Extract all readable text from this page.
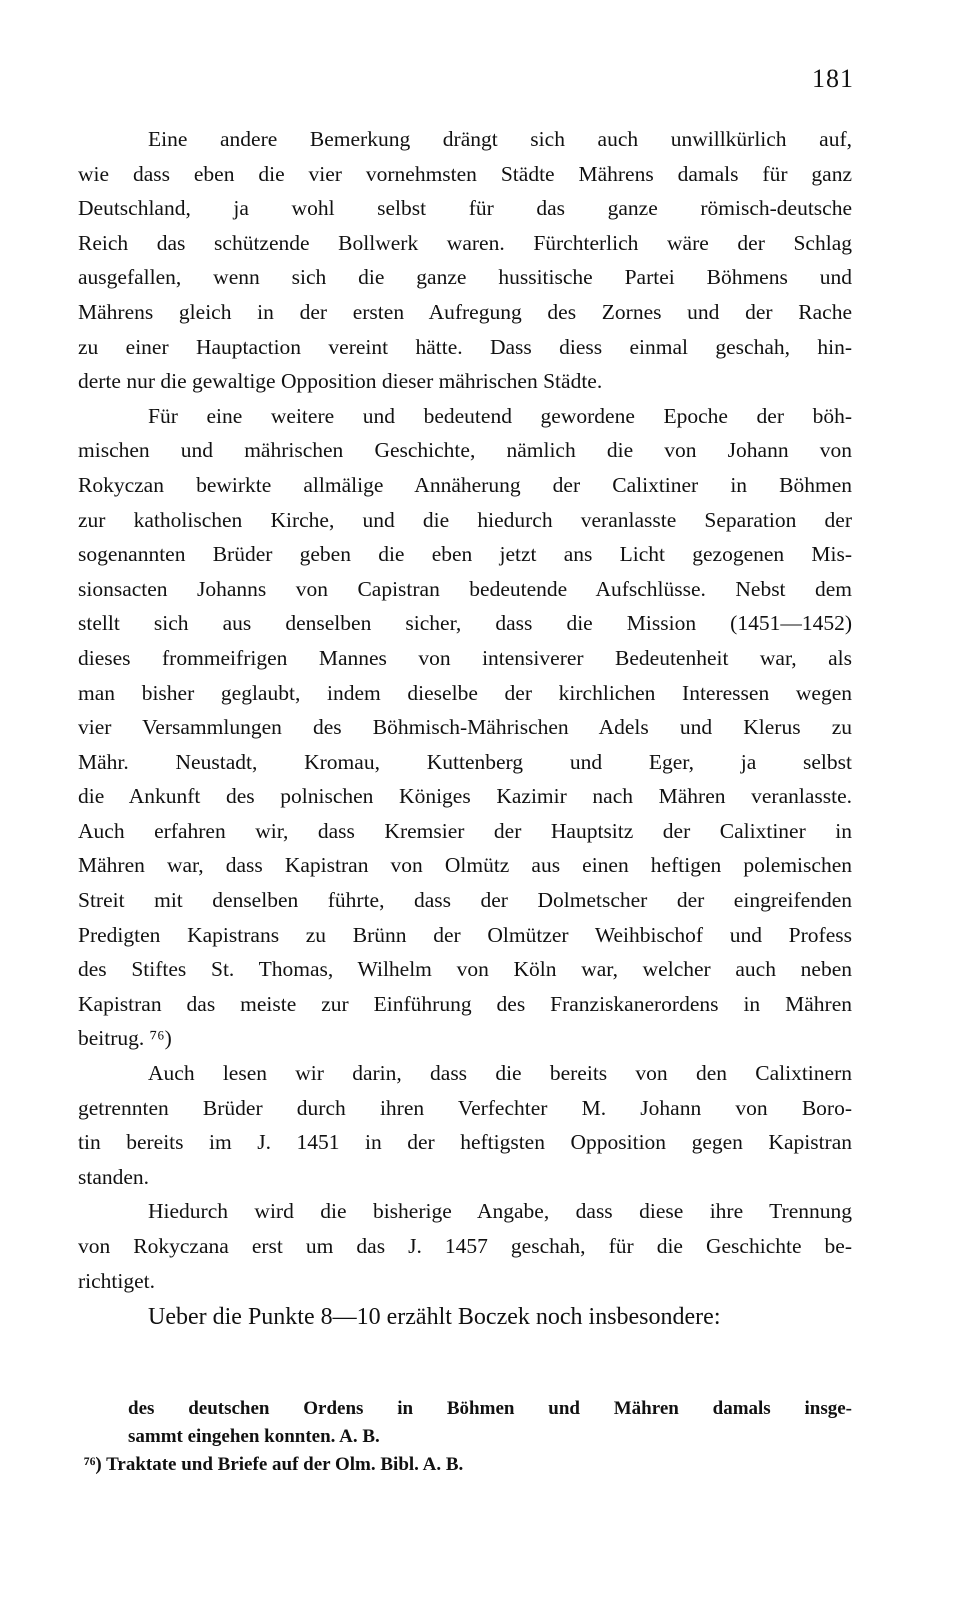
181
Eine andere Bemerkung drängt sich auch unwillkürlich auf,
wie dass eben die vier vornehmsten Städte Mährens damals für ganz
Deutschland, ja wohl selbst für das ganze römisch-deutsche
Reich das schützende Bollwerk waren. Fürchterlich wäre der Schlag
ausgefallen, wenn sich die ganze hussitische Partei Böhmens und
Mährens gleich in der ersten Aufregung des Zornes und der Rache
zu einer Hauptaction vereint hätte. Dass diess einmal geschah, hin-
derte nur die gewaltige Opposition dieser mährischen Städte.
Für eine weitere und bedeutend gewordene Epoche der böh-
mischen und mährischen Geschichte, nämlich die von Johann von
Rokyczan bewirkte allmälige Annäherung der Calixtiner in Böhmen
zur katholischen Kirche, und die hiedurch veranlasste Separation der
sogenannten Brüder geben die eben jetzt ans Licht gezogenen Mis-
sionsacten Johanns von Capistran bedeutende Aufschlüsse. Nebst dem
stellt sich aus denselben sicher, dass die Mission (1451—1452)
dieses frommeifrigen Mannes von intensiverer Bedeutenheit war, als
man bisher geglaubt, indem dieselbe der kirchlichen Interessen wegen
vier Versammlungen des Böhmisch-Mährischen Adels und Klerus zu
Mähr. Neustadt, Kromau, Kuttenberg und Eger, ja selbst
die Ankunft des polnischen Königes Kazimir nach Mähren veranlasste.
Auch erfahren wir, dass Kremsier der Hauptsitz der Calixtiner in
Mähren war, dass Kapistran von Olmütz aus einen heftigen polemischen
Streit mit denselben führte, dass der Dolmetscher der eingreifenden
Predigten Kapistrans zu Brünn der Olmützer Weihbischof und Profess
des Stiftes St. Thomas, Wilhelm von Köln war, welcher auch neben
Kapistran das meiste zur Einführung des Franziskanerordens in Mähren
beitrug. ⁷⁶)
Auch lesen wir darin, dass die bereits von den Calixtinern
getrennten Brüder durch ihren Verfechter M. Johann von Boro-
tin bereits im J. 1451 in der heftigsten Opposition gegen Kapistran
standen.
Hiedurch wird die bisherige Angabe, dass diese ihre Trennung
von Rokyczana erst um das J. 1457 geschah, für die Geschichte be-
richtiget.
Ueber die Punkte 8—10 erzählt Boczek noch insbesondere:
des deutschen Ordens in Böhmen und Mähren damals insge-
sammt eingehen konnten. A. B.
⁷⁶) Traktate und Briefe auf der Olm. Bibl. A. B.
